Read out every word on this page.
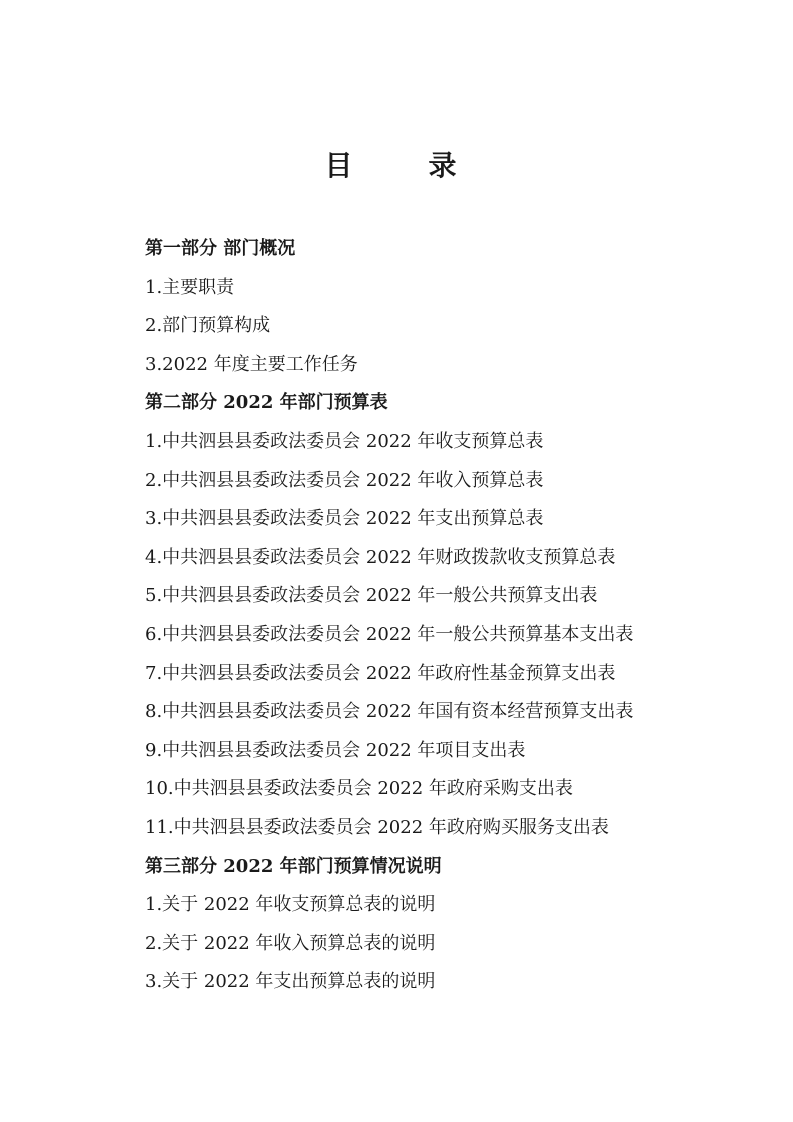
目　录
第一部分 部门概况
1.主要职责
2.部门预算构成
3.2022 年度主要工作任务
第二部分 2022 年部门预算表
1.中共泗县县委政法委员会 2022 年收支预算总表
2.中共泗县县委政法委员会 2022 年收入预算总表
3.中共泗县县委政法委员会 2022 年支出预算总表
4.中共泗县县委政法委员会 2022 年财政拨款收支预算总表
5.中共泗县县委政法委员会 2022 年一般公共预算支出表
6.中共泗县县委政法委员会 2022 年一般公共预算基本支出表
7.中共泗县县委政法委员会 2022 年政府性基金预算支出表
8.中共泗县县委政法委员会 2022 年国有资本经营预算支出表
9.中共泗县县委政法委员会 2022 年项目支出表
10.中共泗县县委政法委员会 2022 年政府采购支出表
11.中共泗县县委政法委员会 2022 年政府购买服务支出表
第三部分 2022 年部门预算情况说明
1.关于 2022 年收支预算总表的说明
2.关于 2022 年收入预算总表的说明
3.关于 2022 年支出预算总表的说明
